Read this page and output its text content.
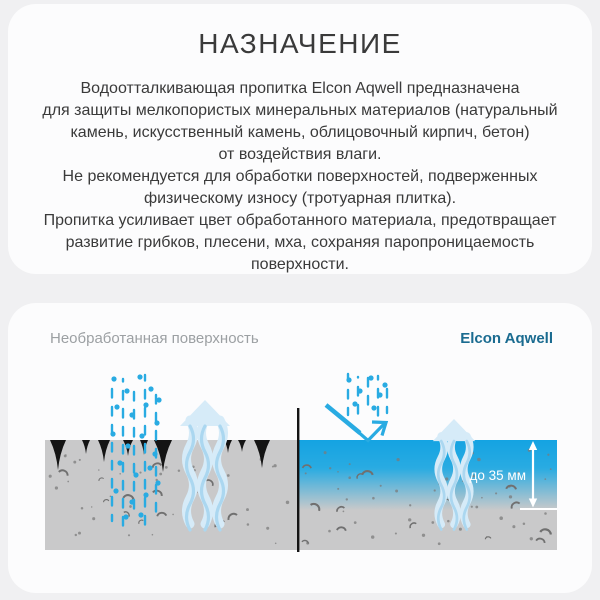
НАЗНАЧЕНИЕ
Водоотталкивающая пропитка Elcon Aqwell предназначена
для защиты мелкопористых минеральных материалов (натуральный
камень, искусственный камень, облицовочный кирпич, бетон)
от воздействия влаги.
Не рекомендуется для обработки поверхностей, подверженных
физическому износу (тротуарная плитка).
Пропитка усиливает цвет обработанного материала, предотвращает
развитие грибков, плесени, мха, сохраняя паропроницаемость
поверхности.
Необработанная поверхность	Elcon Aqwell
до 35 мм
